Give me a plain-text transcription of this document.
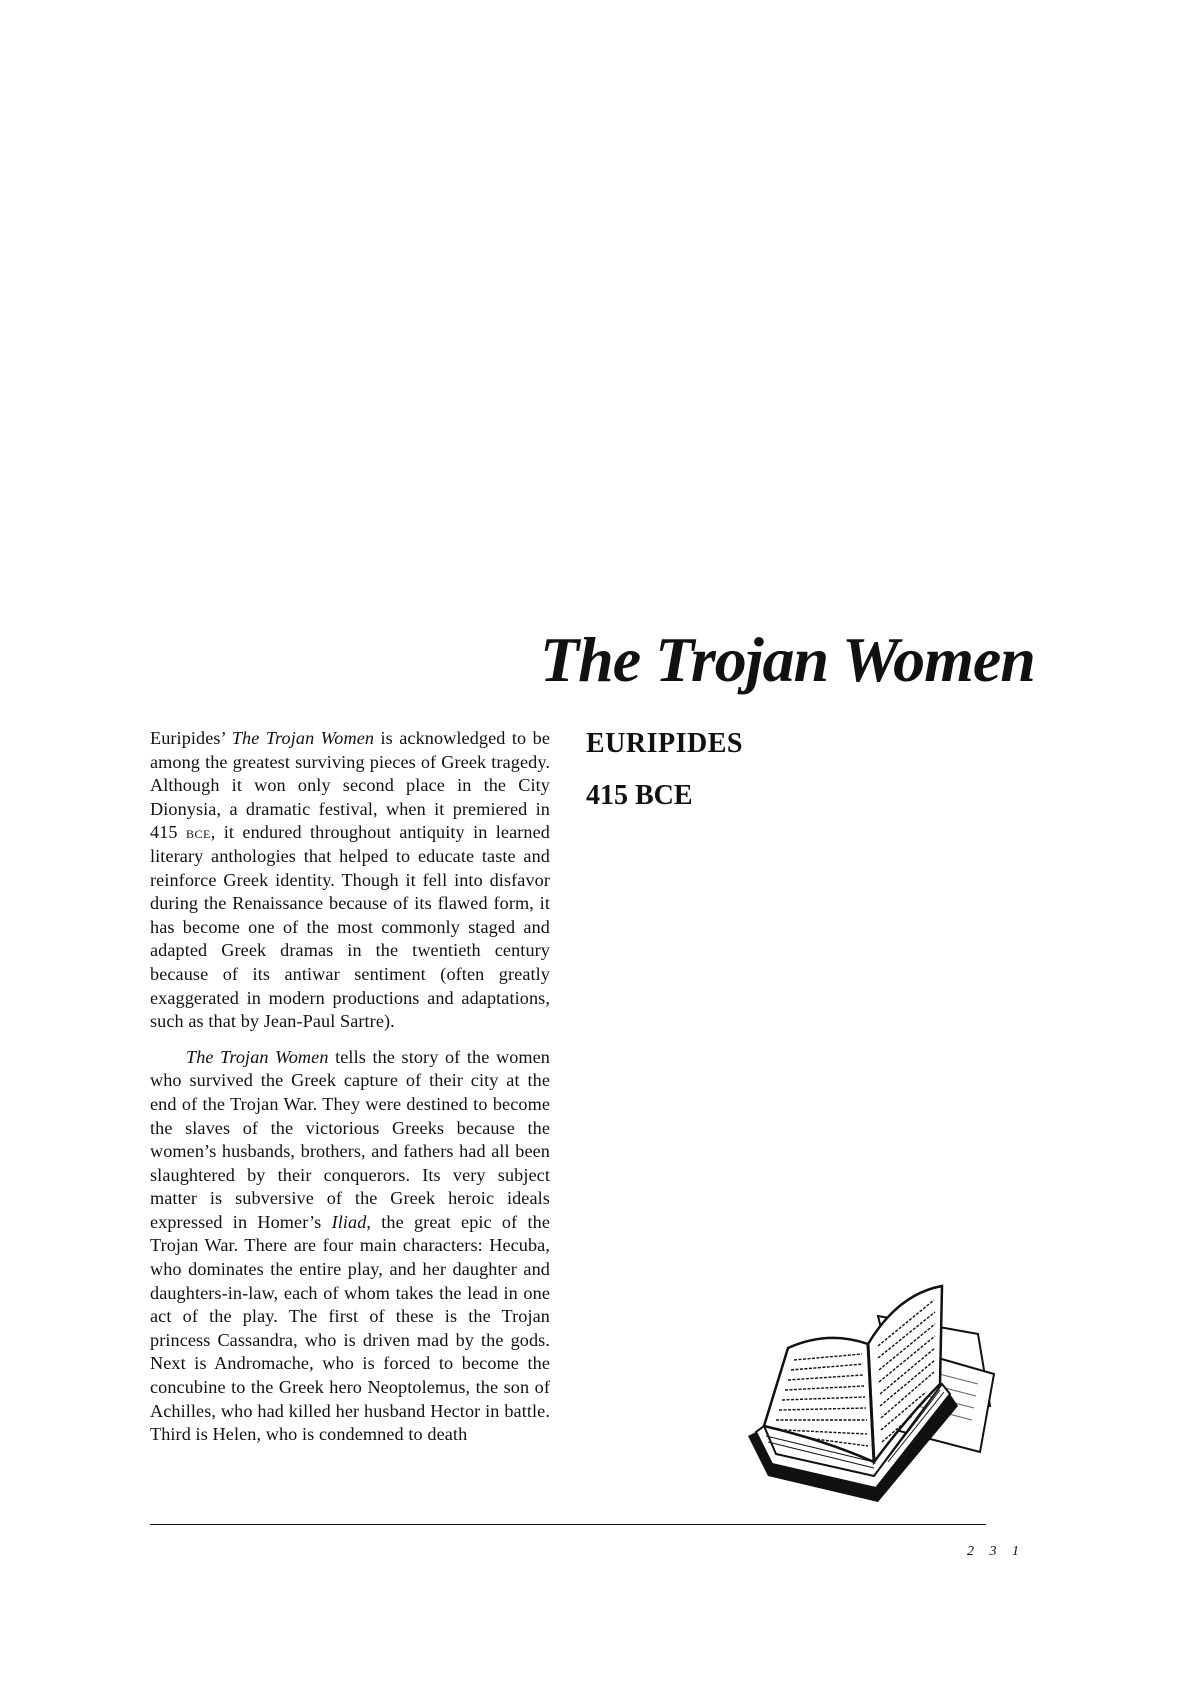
The Trojan Women
EURIPIDES
415 BCE

Euripides’ The Trojan Women is acknowledged to be among the greatest surviving pieces of Greek tragedy. Although it won only second place in the City Dionysia, a dramatic festival, when it premiered in 415 bce, it endured throughout antiquity in learned literary anthologies that helped to educate taste and reinforce Greek identity. Though it fell into disfavor during the Renaissance because of its flawed form, it has become one of the most commonly staged and adapted Greek dramas in the twentieth century because of its antiwar sentiment (often greatly exaggerated in modern productions and adaptations, such as that by Jean-Paul Sartre).

The Trojan Women tells the story of the women who survived the Greek capture of their city at the end of the Trojan War. They were destined to become the slaves of the victorious Greeks because the women’s husbands, brothers, and fathers had all been slaughtered by their conquerors. Its very subject matter is subversive of the Greek heroic ideals expressed in Homer’s Iliad, the great epic of the Trojan War. There are four main characters: Hecuba, who dominates the entire play, and her daughter and daughters-in-law, each of whom takes the lead in one act of the play. The first of these is the Trojan princess Cassandra, who is driven mad by the gods. Next is Andromache, who is forced to become the concubine to the Greek hero Neoptolemus, the son of Achilles, who had killed her husband Hector in battle. Third is Helen, who is condemned to death

2 3 1
